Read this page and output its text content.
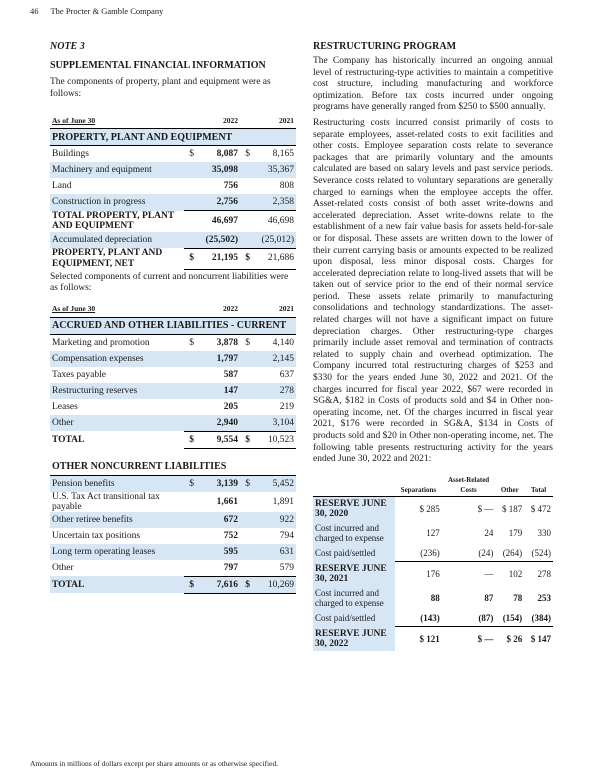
46 The Procter & Gamble Company
NOTE 3
SUPPLEMENTAL FINANCIAL INFORMATION
The components of property, plant and equipment were as follows:
As of June 30		2022		2021
PROPERTY, PLANT AND EQUIPMENT				
Buildings	$	8,087	$	8,165
Machinery and equipment		35,098		35,367
Land		756		808
Construction in progress		2,756		2,358
TOTAL PROPERTY, PLANT AND EQUIPMENT		46,697		46,698
Accumulated depreciation		(25,502)		(25,012)
PROPERTY, PLANT AND EQUIPMENT, NET	$	21,195	$	21,686
Selected components of current and noncurrent liabilities were as follows:
As of June 30		2022		2021
ACCRUED AND OTHER LIABILITIES - CURRENT				
Marketing and promotion	$	3,878	$	4,140
Compensation expenses		1,797		2,145
Taxes payable		587		637
Restructuring reserves		147		278
Leases		205		219
Other		2,940		3,104
TOTAL	$	9,554	$	10,523
OTHER NONCURRENT LIABILITIES				
Pension benefits	$	3,139	$	5,452
U.S. Tax Act transitional tax payable		1,661		1,891
Other retiree benefits		672		922
Uncertain tax positions		752		794
Long term operating leases		595		631
Other		797		579
TOTAL	$	7,616	$	10,269
RESTRUCTURING PROGRAM
The Company has historically incurred an ongoing annual level of restructuring-type activities to maintain a competitive cost structure, including manufacturing and workforce optimization. Before tax costs incurred under ongoing programs have generally ranged from $250 to $500 annually.
Restructuring costs incurred consist primarily of costs to separate employees, asset-related costs to exit facilities and other costs. Employee separation costs relate to severance packages that are primarily voluntary and the amounts calculated are based on salary levels and past service periods. Severance costs related to voluntary separations are generally charged to earnings when the employee accepts the offer. Asset-related costs consist of both asset write-downs and accelerated depreciation. Asset write-downs relate to the establishment of a new fair value basis for assets held-for-sale or for disposal. These assets are written down to the lower of their current carrying basis or amounts expected to be realized upon disposal, less minor disposal costs. Charges for accelerated depreciation relate to long-lived assets that will be taken out of service prior to the end of their normal service period. These assets relate primarily to manufacturing consolidations and technology standardizations. The asset-related charges will not have a significant impact on future depreciation charges. Other restructuring-type charges primarily include asset removal and termination of contracts related to supply chain and overhead optimization. The Company incurred total restructuring charges of $253 and $330 for the years ended June 30, 2022 and 2021. Of the charges incurred for fiscal year 2022, $67 were recorded in SG&A, $182 in Costs of products sold and $4 in Other non-operating income, net. Of the charges incurred in fiscal year 2021, $176 were recorded in SG&A, $134 in Costs of products sold and $20 in Other non-operating income, net. The following table presents restructuring activity for the years ended June 30, 2022 and 2021:
		Asset-Related		
	Separations	Costs	Other	Total
RESERVE JUNE 30, 2020	$ 285	$ —	$ 187	$ 472
Cost incurred and charged to expense	127	24	179	330
Cost paid/settled	(236)	(24)	(264)	(524)
RESERVE JUNE 30, 2021	176	—	102	278
Cost incurred and charged to expense	88	87	78	253
Cost paid/settled	(143)	(87)	(154)	(384)
RESERVE JUNE 30, 2022	$ 121	$ —	$ 26	$ 147
Amounts in millions of dollars except per share amounts or as otherwise specified.
